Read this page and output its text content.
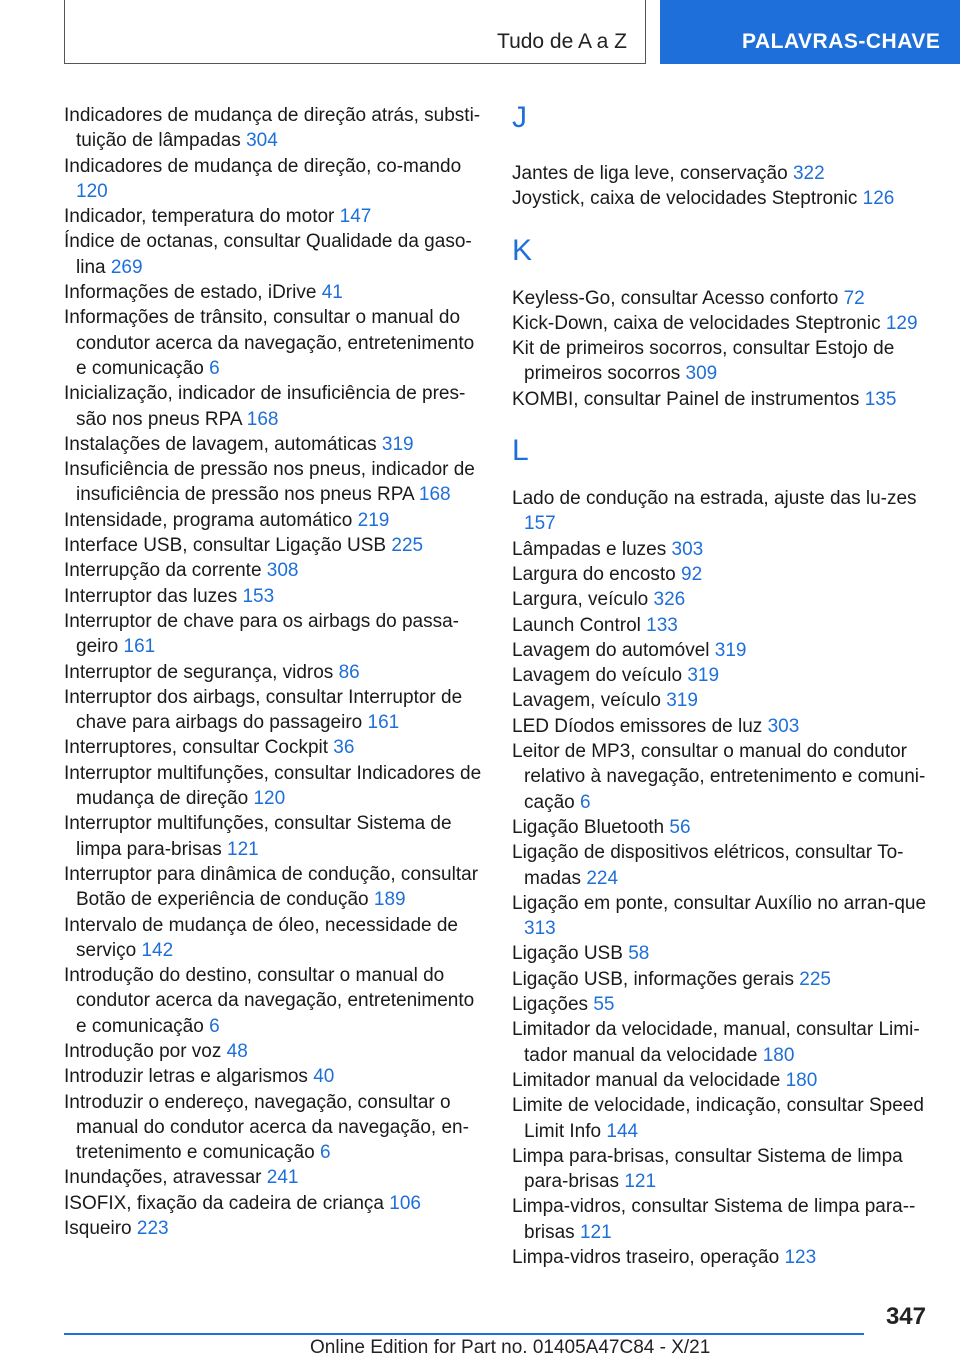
Tudo de A a Z	PALAVRAS-CHAVE

Indicadores de mudança de direção atrás, substi‐tuição de lâmpadas 304

Indicadores de mudança de direção, co‐mando 120

Indicador, temperatura do motor 147

Índice de octanas, consultar Qualidade da gaso‐lina 269

Informações de estado, iDrive 41

Informações de trânsito, consultar o manual do condutor acerca da navegação, entretenimento e comunicação 6

Inicialização, indicador de insuficiência de pres‐são nos pneus RPA 168

Instalações de lavagem, automáticas 319

Insuficiência de pressão nos pneus, indicador de insuficiência de pressão nos pneus RPA 168

Intensidade, programa automático 219

Interface USB, consultar Ligação USB 225

Interrupção da corrente 308

Interruptor das luzes 153

Interruptor de chave para os airbags do passa‐geiro 161

Interruptor de segurança, vidros 86

Interruptor dos airbags, consultar Interruptor de chave para airbags do passageiro 161

Interruptores, consultar Cockpit 36

Interruptor multifunções, consultar Indicadores de mudança de direção 120

Interruptor multifunções, consultar Sistema de limpa para-brisas 121

Interruptor para dinâmica de condução, consultar Botão de experiência de condução 189

Intervalo de mudança de óleo, necessidade de serviço 142

Introdução do destino, consultar o manual do condutor acerca da navegação, entretenimento e comunicação 6

Introdução por voz 48

Introduzir letras e algarismos 40

Introduzir o endereço, navegação, consultar o manual do condutor acerca da navegação, en‐tretenimento e comunicação 6

Inundações, atravessar 241

ISOFIX, fixação da cadeira de criança 106

Isqueiro 223

J

Jantes de liga leve, conservação 322

Joystick, caixa de velocidades Steptronic 126

K

Keyless-Go, consultar Acesso conforto 72

Kick-Down, caixa de velocidades Steptronic 129

Kit de primeiros socorros, consultar Estojo de primeiros socorros 309

KOMBI, consultar Painel de instrumentos 135

L

Lado de condução na estrada, ajuste das lu‐zes 157

Lâmpadas e luzes 303

Largura do encosto 92

Largura, veículo 326

Launch Control 133

Lavagem do automóvel 319

Lavagem do veículo 319

Lavagem, veículo 319

LED Díodos emissores de luz 303

Leitor de MP3, consultar o manual do condutor relativo à navegação, entretenimento e comuni‐cação 6

Ligação Bluetooth 56

Ligação de dispositivos elétricos, consultar To‐madas 224

Ligação em ponte, consultar Auxílio no arran‐que 313

Ligação USB 58

Ligação USB, informações gerais 225

Ligações 55

Limitador da velocidade, manual, consultar Limi‐tador manual da velocidade 180

Limitador manual da velocidade 180

Limite de velocidade, indicação, consultar Speed Limit Info 144

Limpa para-brisas, consultar Sistema de limpa para-brisas 121

Limpa-vidros, consultar Sistema de limpa para--brisas 121

Limpa-vidros traseiro, operação 123

347
Online Edition for Part no. 01405A47C84 - X/21
